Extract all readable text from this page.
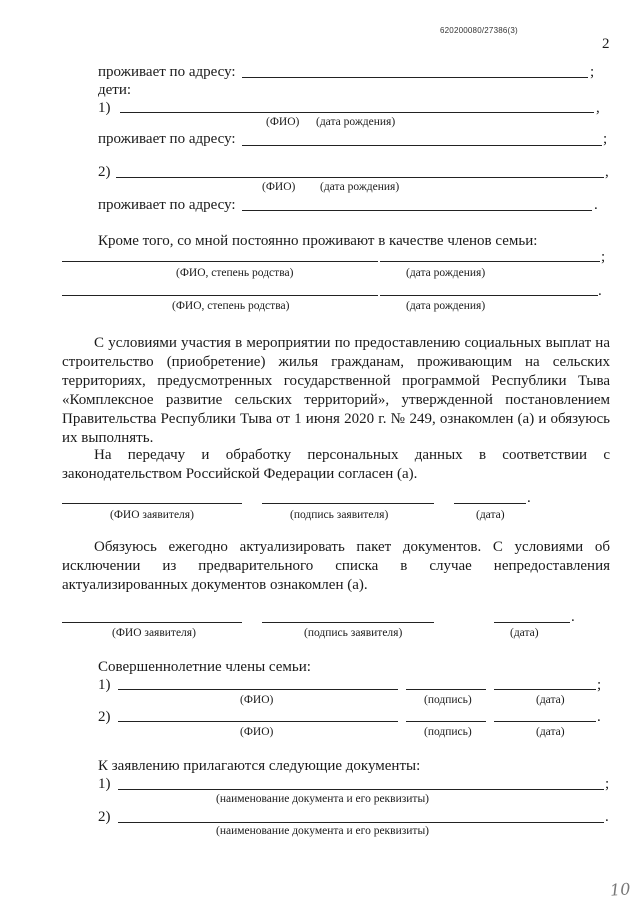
620200080/27386(3)
2
проживает по адресу:	;
дети:
1)	,
(ФИО) (дата рождения)
проживает по адресу:	;
2)	,
(ФИО) (дата рождения)
проживает по адресу:	.
Кроме того, со мной постоянно проживают в качестве членов семьи:
;
(ФИО, степень родства)	(дата рождения)
.
(ФИО, степень родства)	(дата рождения)
С условиями участия в мероприятии по предоставлению социальных выплат на строительство (приобретение) жилья гражданам, проживающим на сельских территориях, предусмотренных государственной программой Республики Тыва «Комплексное развитие сельских территорий», утвержденной постановлением Правительства Республики Тыва от 1 июня 2020 г. № 249, ознакомлен (а) и обязуюсь их выполнять.
На передачу и обработку персональных данных в соответствии с законодательством Российской Федерации согласен (а).
.
(ФИО заявителя)	(подпись заявителя)	(дата)
Обязуюсь ежегодно актуализировать пакет документов. С условиями об исключении из предварительного списка в случае непредоставления актуализированных документов ознакомлен (а).
.
(ФИО заявителя)	(подпись заявителя)	(дата)
Совершеннолетние члены семьи:
1)	;
(ФИО)	(подпись)	(дата)
2)	.
(ФИО)	(подпись)	(дата)
К заявлению прилагаются следующие документы:
1)	;
(наименование документа и его реквизиты)
2)	.
(наименование документа и его реквизиты)
10
